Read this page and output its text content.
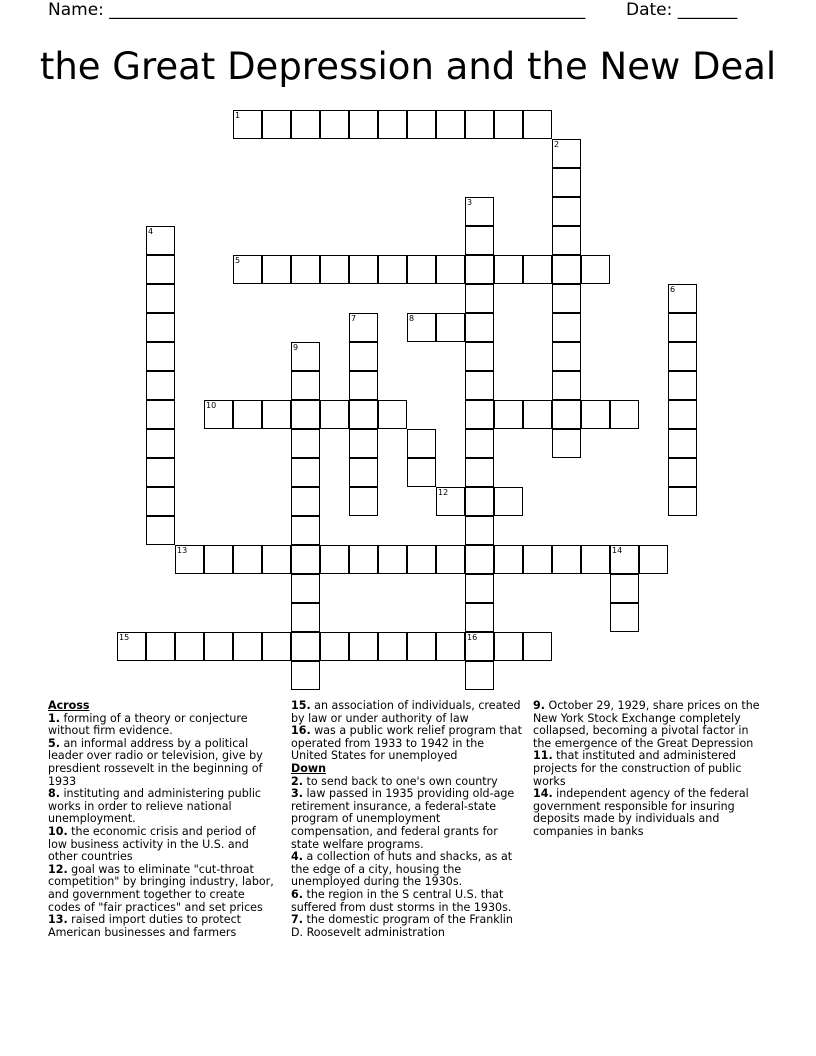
Name: ________________________________________________________ Date: _______
the Great Depression and the New Deal
1
2
3
16
4
5
6
7	8
9
10
12
13	14
15
Across

1. forming of a theory or conjecture without firm evidence.

5. an informal address by a political leader over radio or television, give by presdient rossevelt in the beginning of 1933

8. instituting and administering public works in order to relieve national unemployment.

10. the economic crisis and period of low business activity in the U.S. and other countries

12. goal was to eliminate "cut-throat competition" by bringing industry, labor, and government together to create codes of "fair practices" and set prices

13. raised import duties to protect American businesses and farmers

15. an association of individuals, created by law or under authority of law

16. was a public work relief program that operated from 1933 to 1942 in the United States for unemployed

Down

2. to send back to one's own country

3. law passed in 1935 providing old-age retirement insurance, a federal-state program of unemployment compensation, and federal grants for state welfare programs.

4. a collection of huts and shacks, as at the edge of a city, housing the unemployed during the 1930s.

6. the region in the S central U.S. that suffered from dust storms in the 1930s.

7. the domestic program of the Franklin D. Roosevelt administration

9. October 29, 1929, share prices on the New York Stock Exchange completely collapsed, becoming a pivotal factor in the emergence of the Great Depression

11. that instituted and administered projects for the construction of public works

14. independent agency of the federal government responsible for insuring deposits made by individuals and companies in banks
